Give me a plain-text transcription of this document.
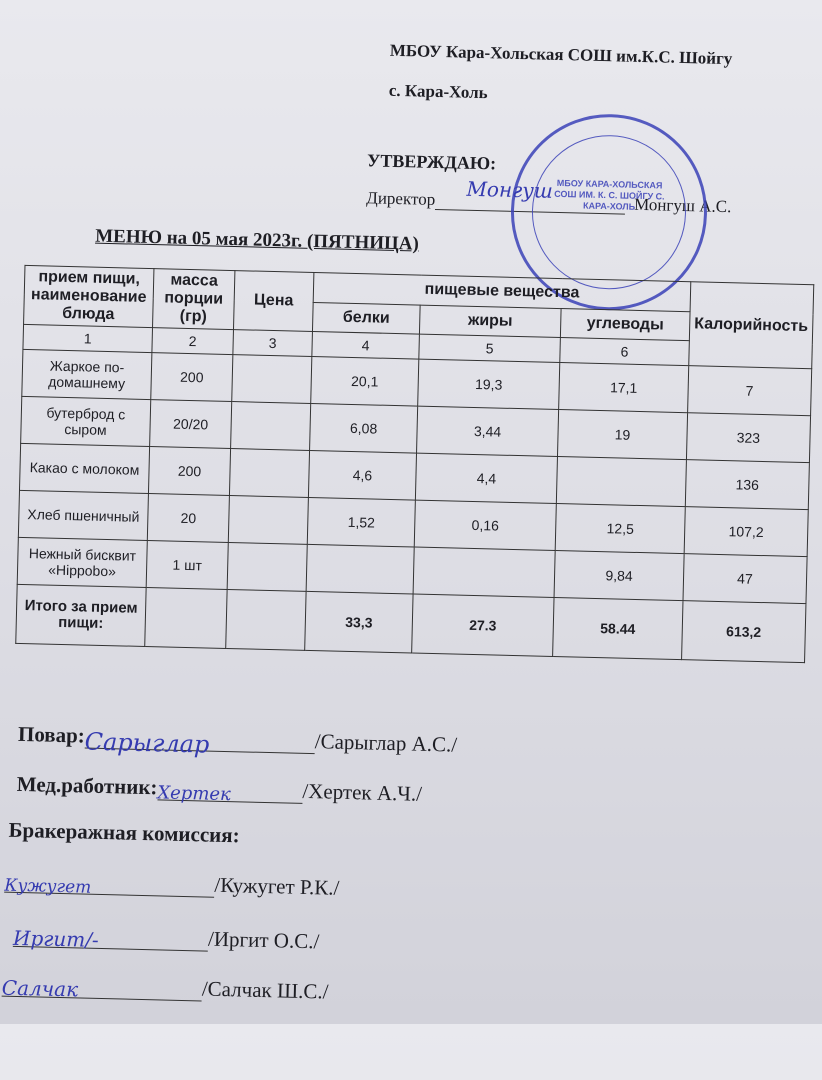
МБОУ Кара-Хольская СОШ им.К.С. Шойгу
с. Кара-Холь
УТВЕРЖДАЮ:
Директор	Монгуш А.С.
МБОУ КАРА-ХОЛЬСКАЯ СОШ ИМ. К. С. ШОЙГУ С. КАРА-ХОЛЬ
Монгуш
МЕНЮ на 05 мая 2023г. (ПЯТНИЦА)
прием пищи, наименование блюда	масса порции (гр)	Цена	пищевые вещества			Калорийность
			белки	жиры	углеводы	
1	2	3	4	5	6	
Жаркое по-домашнему	200		20,1	19,3	17,1	7
бутерброд с сыром	20/20		6,08	3,44	19	323
Какао с молоком	200		4,6	4,4		136
Хлеб пшеничный	20		1,52	0,16	12,5	107,2
Нежный бисквит «Hippobo»	1 шт				9,84	47
Итого за прием пищи:			33,3	27.3	58.44	613,2
Повар:Сарыглар	/Сарыглар А.С./
Мед.работник:Хертек	/Хертек А.Ч./
Бракеражная комиссия:
Кужугет	/Кужугет Р.К./
Иргит/-	/Иргит О.С./
Салчак	/Салчак Ш.С./
